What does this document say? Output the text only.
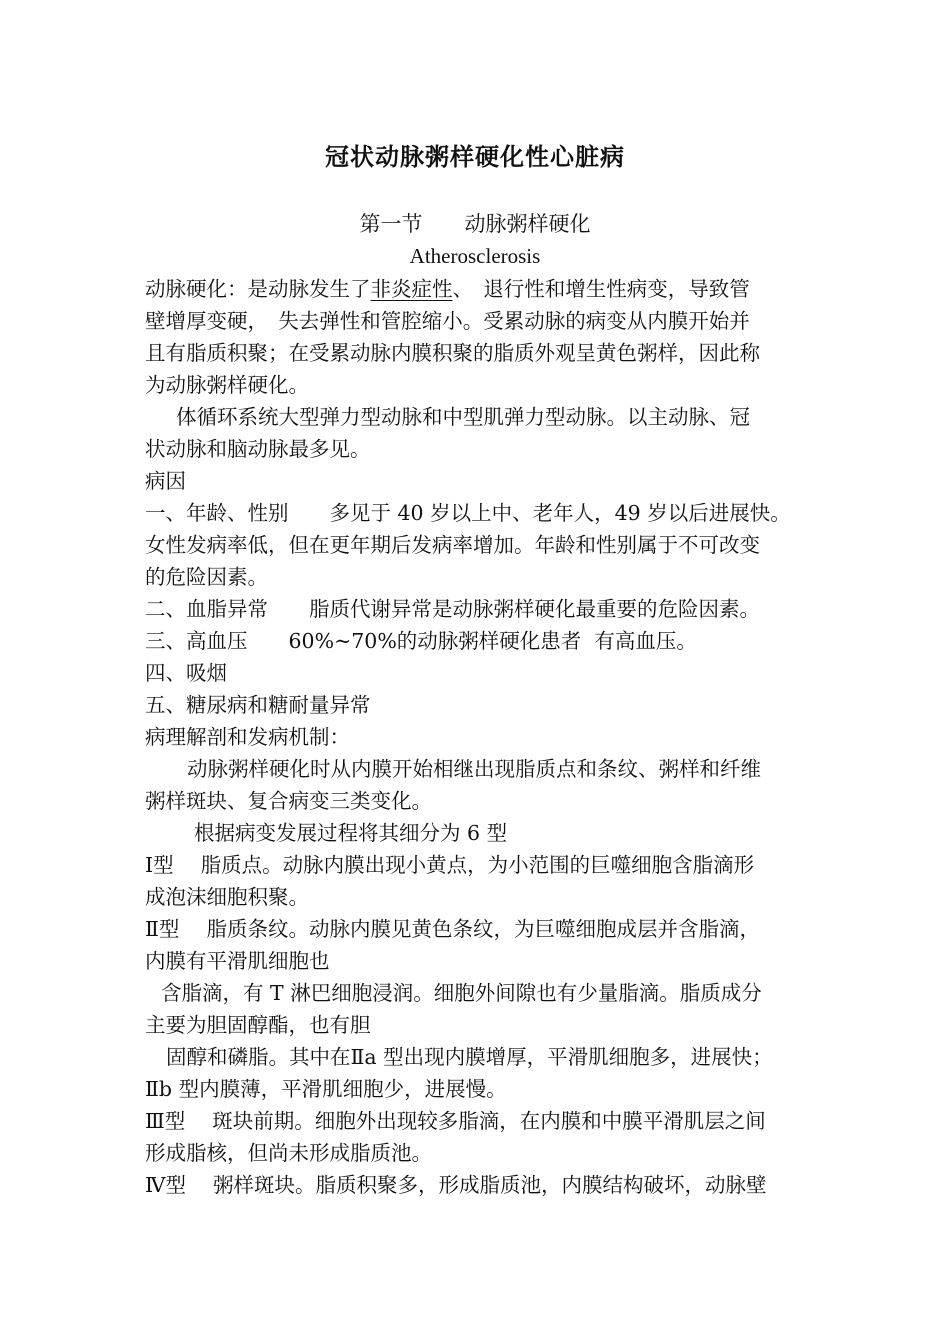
冠状动脉粥样硬化性心脏病
第一节　　动脉粥样硬化
Atherosclerosis
动脉硬化：是动脉发生了非炎症性、　退行性和增生性病变，导致管
壁增厚变硬，　失去弹性和管腔缩小。受累动脉的病变从内膜开始并
且有脂质积聚；在受累动脉内膜积聚的脂质外观呈黄色粥样，因此称
为动脉粥样硬化。
体循环系统大型弹力型动脉和中型肌弹力型动脉。以主动脉、冠
状动脉和脑动脉最多见。
病因
一、年龄、性别　　多见于 40 岁以上中、老年人，49 岁以后进展快。
女性发病率低，但在更年期后发病率增加。年龄和性别属于不可改变
的危险因素。
二、血脂异常　　脂质代谢异常是动脉粥样硬化最重要的危险因素。
三、高血压　　60%~70%的动脉粥样硬化患者  有高血压。
四、吸烟
五、糖尿病和糖耐量异常
病理解剖和发病机制：
动脉粥样硬化时从内膜开始相继出现脂质点和条纹、粥样和纤维
粥样斑块、复合病变三类变化。
根据病变发展过程将其细分为 6 型
Ⅰ型　 脂质点。动脉内膜出现小黄点，为小范围的巨噬细胞含脂滴形
成泡沫细胞积聚。
Ⅱ型　 脂质条纹。动脉内膜见黄色条纹，为巨噬细胞成层并含脂滴，
内膜有平滑肌细胞也
含脂滴，有 T 淋巴细胞浸润。细胞外间隙也有少量脂滴。脂质成分
主要为胆固醇酯，也有胆
固醇和磷脂。其中在Ⅱa 型出现内膜增厚，平滑肌细胞多，进展快；
Ⅱb 型内膜薄，平滑肌细胞少，进展慢。
Ⅲ型　 斑块前期。细胞外出现较多脂滴，在内膜和中膜平滑肌层之间
形成脂核，但尚未形成脂质池。
Ⅳ型　 粥样斑块。脂质积聚多，形成脂质池，内膜结构破坏，动脉壁
